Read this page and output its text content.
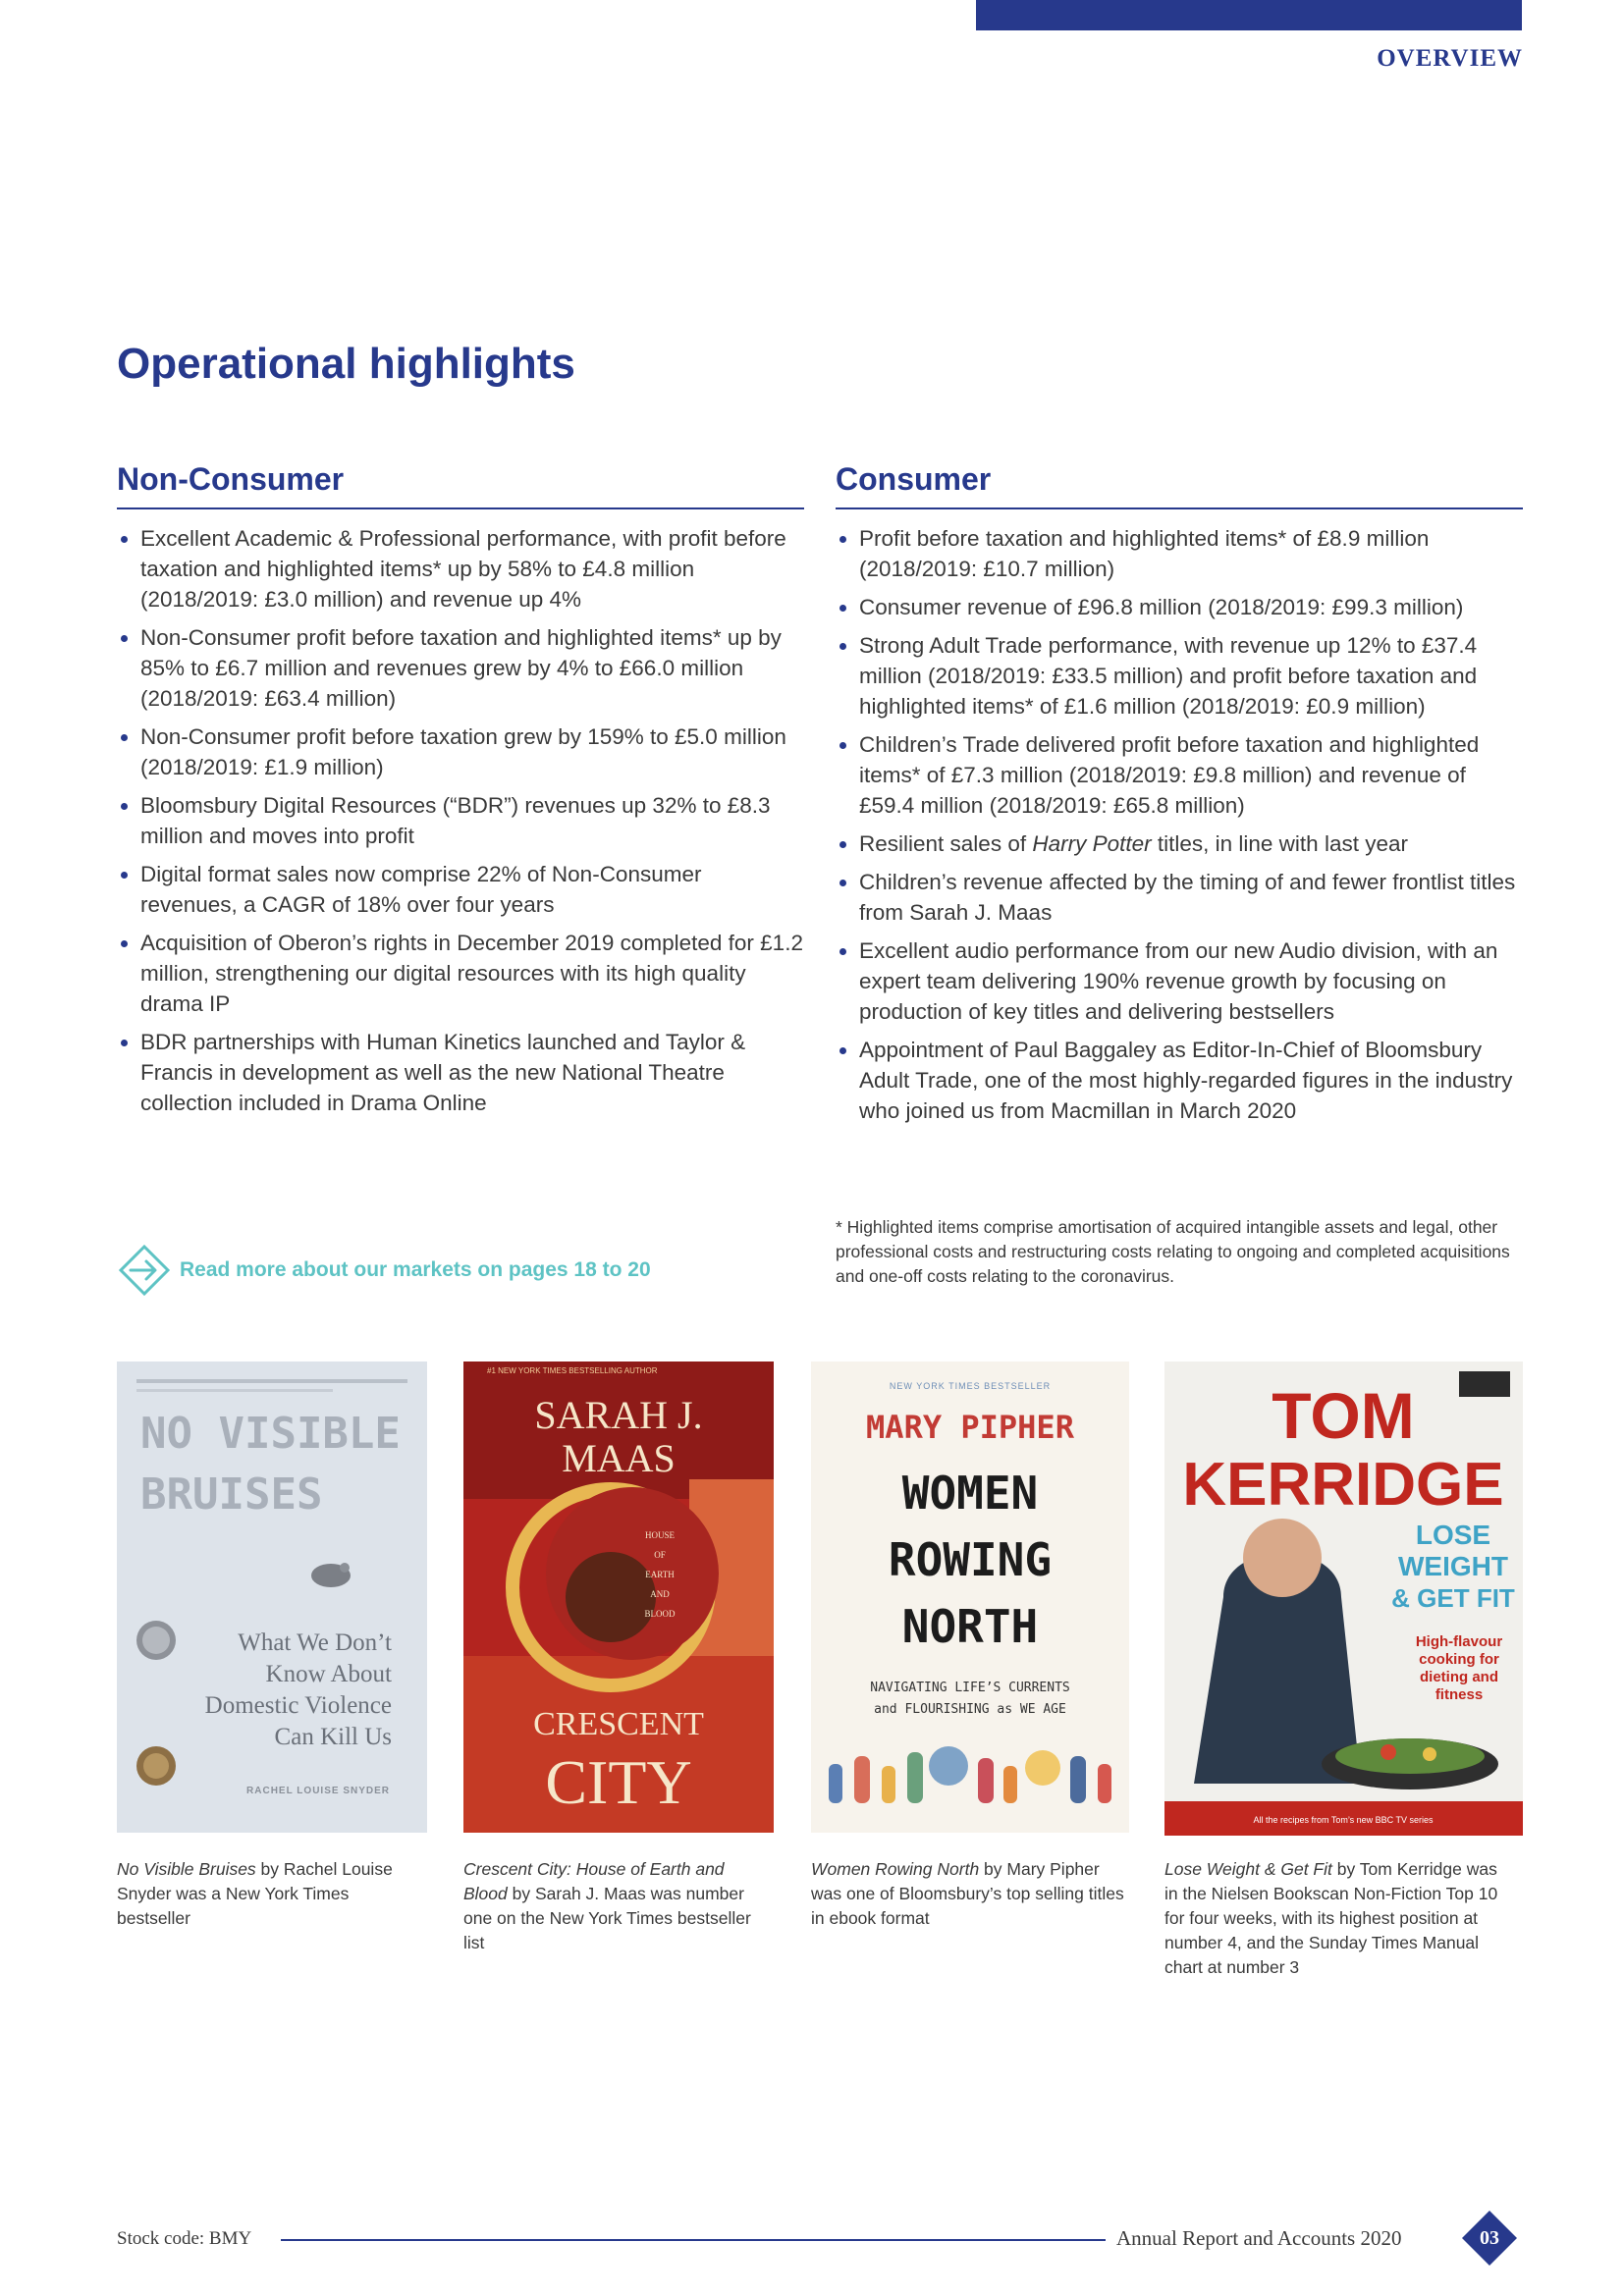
OVERVIEW
Operational highlights
Non-Consumer
Excellent Academic & Professional performance, with profit before taxation and highlighted items* up by 58% to £4.8 million (2018/2019: £3.0 million) and revenue up 4%
Non-Consumer profit before taxation and highlighted items* up by 85% to £6.7 million and revenues grew by 4% to £66.0 million (2018/2019: £63.4 million)
Non-Consumer profit before taxation grew by 159% to £5.0 million (2018/2019: £1.9 million)
Bloomsbury Digital Resources (“BDR”) revenues up 32% to £8.3 million and moves into profit
Digital format sales now comprise 22% of Non-Consumer revenues, a CAGR of 18% over four years
Acquisition of Oberon’s rights in December 2019 completed for £1.2 million, strengthening our digital resources with its high quality drama IP
BDR partnerships with Human Kinetics launched and Taylor & Francis in development as well as the new National Theatre collection included in Drama Online
Consumer
Profit before taxation and highlighted items* of £8.9 million (2018/2019: £10.7 million)
Consumer revenue of £96.8 million (2018/2019: £99.3 million)
Strong Adult Trade performance, with revenue up 12% to £37.4 million (2018/2019: £33.5 million) and profit before taxation and highlighted items* of £1.6 million (2018/2019: £0.9 million)
Children’s Trade delivered profit before taxation and highlighted items* of £7.3 million (2018/2019: £9.8 million) and revenue of £59.4 million (2018/2019: £65.8 million)
Resilient sales of Harry Potter titles, in line with last year
Children’s revenue affected by the timing of and fewer frontlist titles from Sarah J. Maas
Excellent audio performance from our new Audio division, with an expert team delivering 190% revenue growth by focusing on production of key titles and delivering bestsellers
Appointment of Paul Baggaley as Editor-In-Chief of Bloomsbury Adult Trade, one of the most highly-regarded figures in the industry who joined us from Macmillan in March 2020
Read more about our markets on pages 18 to 20
* Highlighted items comprise amortisation of acquired intangible assets and legal, other professional costs and restructuring costs relating to ongoing and completed acquisitions and one-off costs relating to the coronavirus.
NO VISIBLE
BRUISES
What We Don’t
Know About
Domestic Violence
Can Kill Us
RACHEL LOUISE SNYDER
#1 NEW YORK TIMES BESTSELLING AUTHOR
SARAH J.
MAAS
HOUSE
OF
EARTH
AND
BLOOD
CRESCENT
CITY
NEW YORK TIMES BESTSELLER
MARY PIPHER
WOMEN
ROWING
NORTH
NAVIGATING LIFE’S CURRENTS
and FLOURISHING as WE AGE
TOM
KERRIDGE
LOSE
WEIGHT
& GET FIT
High-flavour
cooking for
dieting and
fitness
All the recipes from Tom’s new BBC TV series
No Visible Bruises by Rachel Louise Snyder was a New York Times bestseller
Crescent City: House of Earth and Blood by Sarah J. Maas was number one on the New York Times bestseller list
Women Rowing North by Mary Pipher was one of Bloomsbury’s top selling titles in ebook format
Lose Weight & Get Fit by Tom Kerridge was in the Nielsen Bookscan Non-Fiction Top 10 for four weeks, with its highest position at number 4, and the Sunday Times Manual chart at number 3
Stock code: BMY	Annual Report and Accounts 2020	03
